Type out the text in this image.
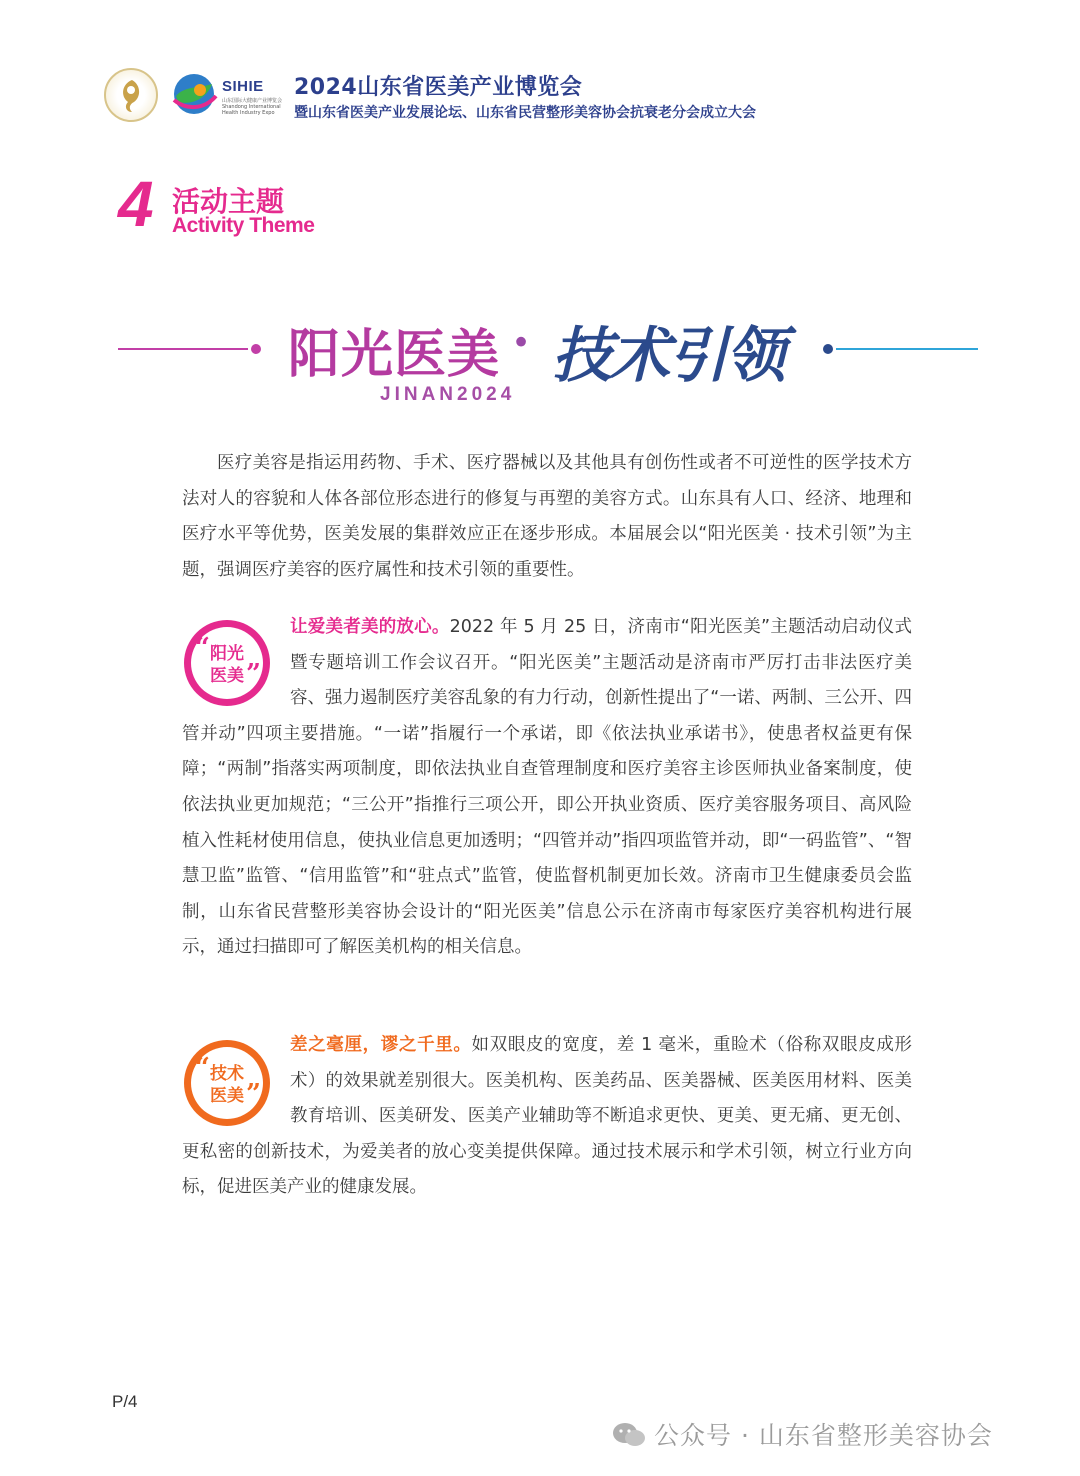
SIHIE
山东国际大健康产业博览会 Shandong International Health Industry Expo
2024山东省医美产业博览会
暨山东省医美产业发展论坛、山东省民营整形美容协会抗衰老分会成立大会
4 活动主题
Activity Theme
阳光医美 · 技术引领
JINAN2024
医疗美容是指运用药物、手术、医疗器械以及其他具有创伤性或者不可逆性的医学技术方法对人的容貌和人体各部位形态进行的修复与再塑的美容方式。山东具有人口、经济、地理和医疗水平等优势，医美发展的集群效应正在逐步形成。本届展会以“阳光医美 · 技术引领”为主题，强调医疗美容的医疗属性和技术引领的重要性。
“ 阳光
医美 ”
让爱美者美的放心。2022 年 5 月 25 日，济南市“阳光医美”主题活动启动仪式暨专题培训工作会议召开。“阳光医美”主题活动是济南市严厉打击非法医疗美容、强力遏制医疗美容乱象的有力行动，创新性提出了“一诺、两制、三公开、四管并动”四项主要措施。“一诺”指履行一个承诺，即《依法执业承诺书》，使患者权益更有保障；“两制”指落实两项制度，即依法执业自查管理制度和医疗美容主诊医师执业备案制度，使依法执业更加规范；“三公开”指推行三项公开，即公开执业资质、医疗美容服务项目、高风险植入性耗材使用信息，使执业信息更加透明；“四管并动”指四项监管并动，即“一码监管”、“智慧卫监”监管、“信用监管”和“驻点式”监管，使监督机制更加长效。济南市卫生健康委员会监制，山东省民营整形美容协会设计的“阳光医美”信息公示在济南市每家医疗美容机构进行展示，通过扫描即可了解医美机构的相关信息。
“ 技术
医美 ”
差之毫厘，谬之千里。如双眼皮的宽度，差 1 毫米，重睑术（俗称双眼皮成形术）的效果就差别很大。医美机构、医美药品、医美器械、医美医用材料、医美教育培训、医美研发、医美产业辅助等不断追求更快、更美、更无痛、更无创、更私密的创新技术，为爱美者的放心变美提供保障。通过技术展示和学术引领，树立行业方向标，促进医美产业的健康发展。
P/4
公众号 · 山东省整形美容协会
